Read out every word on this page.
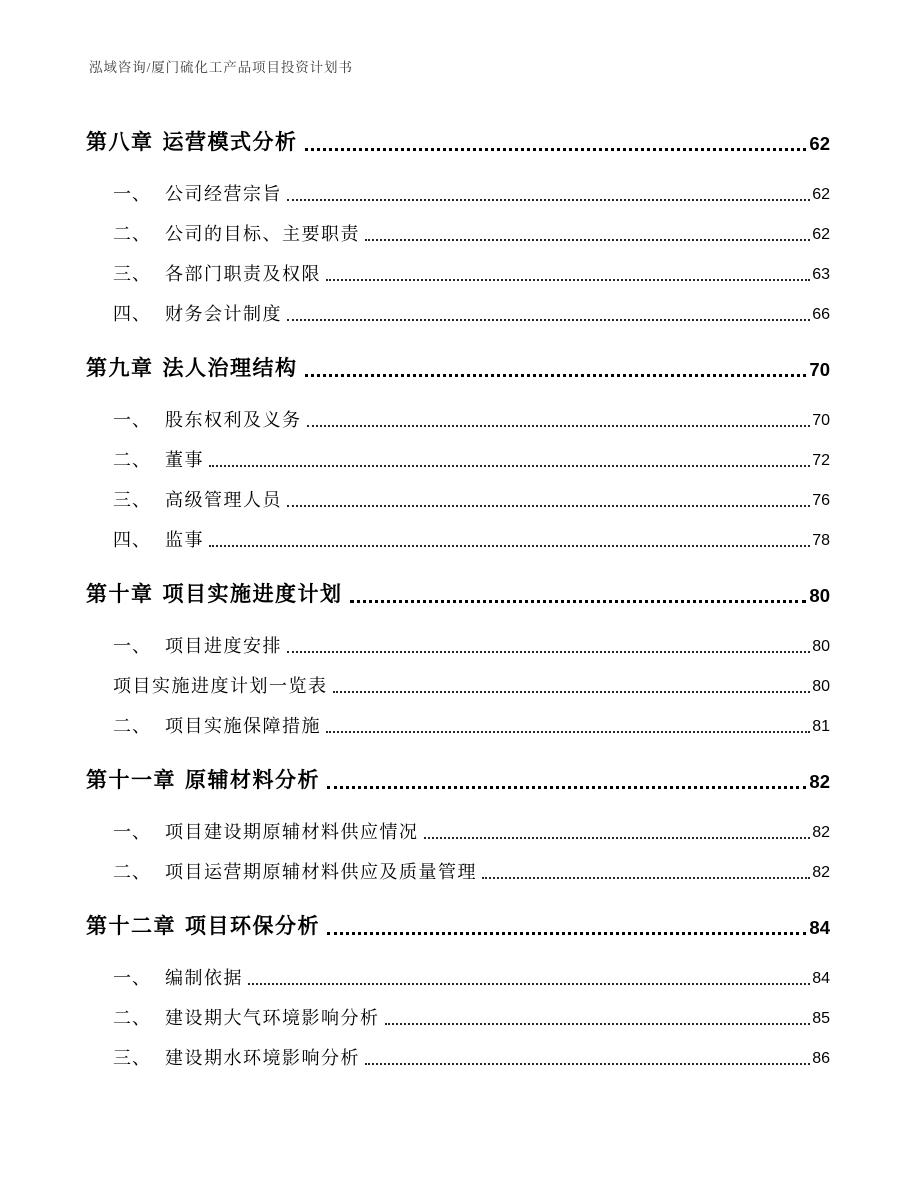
泓域咨询/厦门硫化工产品项目投资计划书
第八章 运营模式分析	62
一、 公司经营宗旨	62
二、 公司的目标、主要职责	62
三、 各部门职责及权限	63
四、 财务会计制度	66
第九章 法人治理结构	70
一、 股东权利及义务	70
二、 董事	72
三、 高级管理人员	76
四、 监事	78
第十章 项目实施进度计划	80
一、 项目进度安排	80
项目实施进度计划一览表	80
二、 项目实施保障措施	81
第十一章 原辅材料分析	82
一、 项目建设期原辅材料供应情况	82
二、 项目运营期原辅材料供应及质量管理	82
第十二章 项目环保分析	84
一、 编制依据	84
二、 建设期大气环境影响分析	85
三、 建设期水环境影响分析	86
